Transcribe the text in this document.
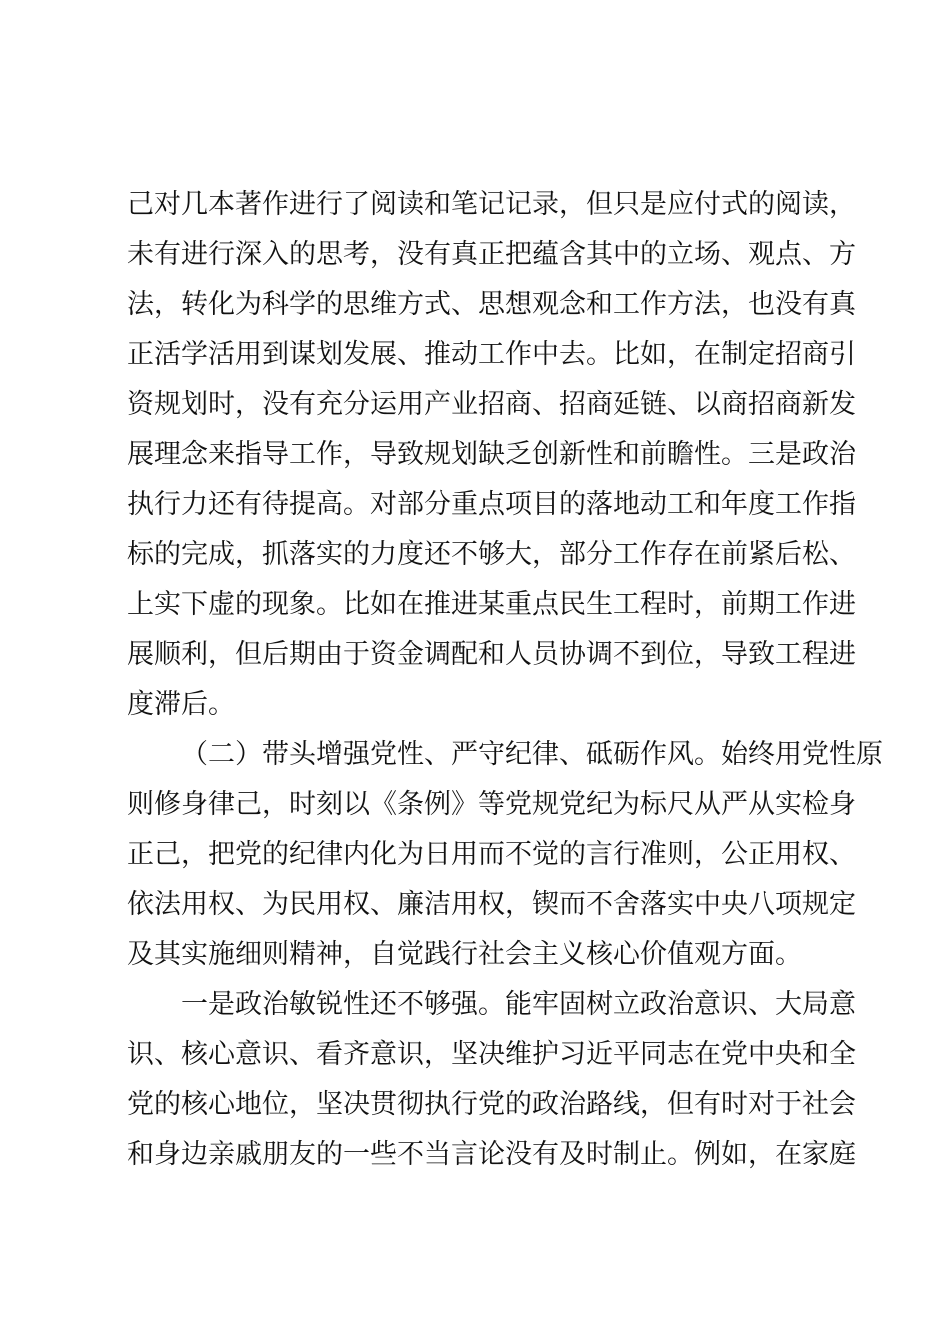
己对几本著作进行了阅读和笔记记录，但只是应付式的阅读，
未有进行深入的思考，没有真正把蕴含其中的立场、观点、方
法，转化为科学的思维方式、思想观念和工作方法，也没有真
正活学活用到谋划发展、推动工作中去。比如，在制定招商引
资规划时，没有充分运用产业招商、招商延链、以商招商新发
展理念来指导工作，导致规划缺乏创新性和前瞻性。三是政治
执行力还有待提高。对部分重点项目的落地动工和年度工作指
标的完成，抓落实的力度还不够大，部分工作存在前紧后松、
上实下虚的现象。比如在推进某重点民生工程时，前期工作进
展顺利，但后期由于资金调配和人员协调不到位，导致工程进
度滞后。
（二）带头增强党性、严守纪律、砥砺作风。始终用党性原
则修身律己，时刻以《条例》等党规党纪为标尺从严从实检身
正己，把党的纪律内化为日用而不觉的言行准则，公正用权、
依法用权、为民用权、廉洁用权，锲而不舍落实中央八项规定
及其实施细则精神，自觉践行社会主义核心价值观方面。
一是政治敏锐性还不够强。能牢固树立政治意识、大局意
识、核心意识、看齐意识，坚决维护习近平同志在党中央和全
党的核心地位，坚决贯彻执行党的政治路线，但有时对于社会
和身边亲戚朋友的一些不当言论没有及时制止。例如，在家庭
